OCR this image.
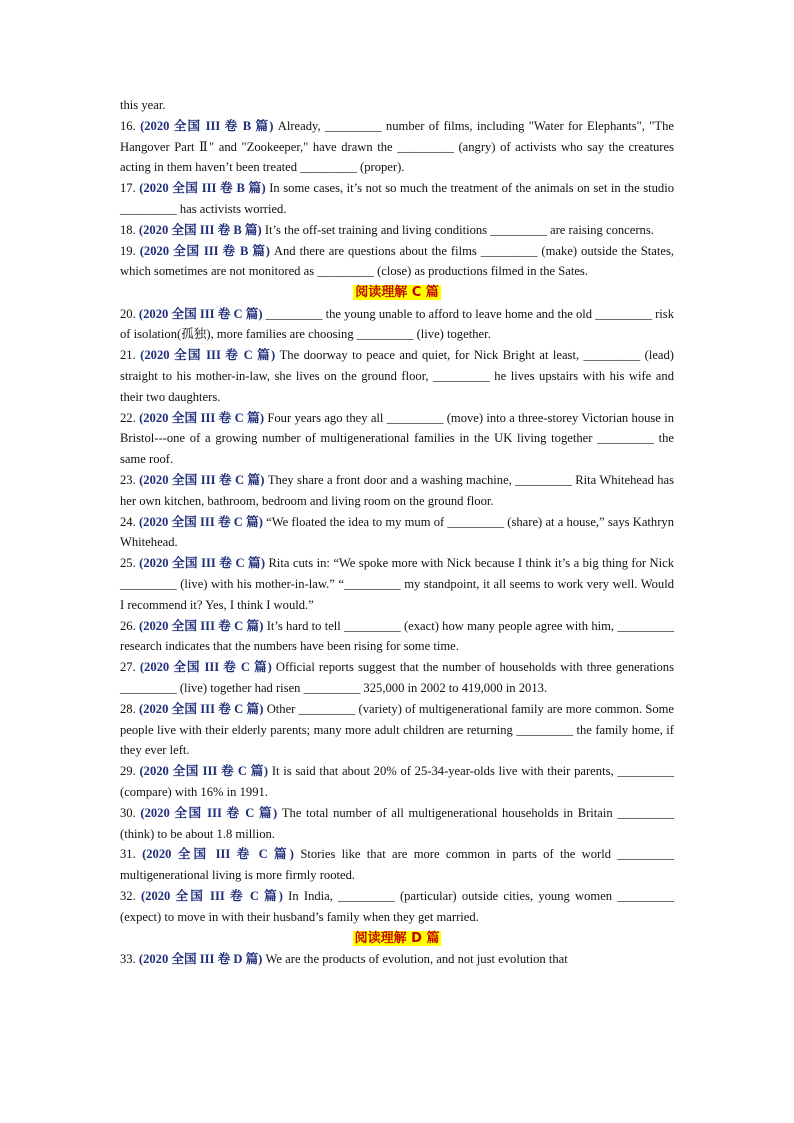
this year.

16. (2020 全国 III 卷 B 篇) Already, _________ number of films, including "Water for Elephants", "The Hangover Part Ⅱ" and "Zookeeper," have drawn the _________ (angry) of activists who say the creatures acting in them haven’t been treated _________ (proper).

17. (2020 全国 III 卷 B 篇) In some cases, it’s not so much the treatment of the animals on set in the studio _________ has activists worried.

18. (2020 全国 III 卷 B 篇) It’s the off-set training and living conditions _________ are raising concerns.

19. (2020 全国 III 卷 B 篇) And there are questions about the films _________ (make) outside the States, which sometimes are not monitored as _________ (close) as productions filmed in the Sates.

阅读理解 C 篇

20. (2020 全国 III 卷 C 篇) _________ the young unable to afford to leave home and the old _________ risk of isolation(孤独), more families are choosing _________ (live) together.

21. (2020 全国 III 卷 C 篇) The doorway to peace and quiet, for Nick Bright at least, _________ (lead) straight to his mother-in-law, she lives on the ground floor, _________ he lives upstairs with his wife and their two daughters.

22. (2020 全国 III 卷 C 篇) Four years ago they all _________ (move) into a three-storey Victorian house in Bristol---one of a growing number of multigenerational families in the UK living together _________ the same roof.

23. (2020 全国 III 卷 C 篇) They share a front door and a washing machine, _________ Rita Whitehead has her own kitchen, bathroom, bedroom and living room on the ground floor.

24. (2020 全国 III 卷 C 篇) “We floated the idea to my mum of _________ (share) at a house,” says Kathryn Whitehead.

25. (2020 全国 III 卷 C 篇) Rita cuts in: “We spoke more with Nick because I think it’s a big thing for Nick _________ (live) with his mother-in-law.” “_________ my standpoint, it all seems to work very well. Would I recommend it? Yes, I think I would.”

26. (2020 全国 III 卷 C 篇) It’s hard to tell _________ (exact) how many people agree with him, _________ research indicates that the numbers have been rising for some time.

27. (2020 全国 III 卷 C 篇) Official reports suggest that the number of households with three generations _________ (live) together had risen _________ 325,000 in 2002 to 419,000 in 2013.

28. (2020 全国 III 卷 C 篇) Other _________ (variety) of multigenerational family are more common. Some people live with their elderly parents; many more adult children are returning _________ the family home, if they ever left.

29. (2020 全国 III 卷 C 篇) It is said that about 20% of 25-34-year-olds live with their parents, _________ (compare) with 16% in 1991.

30. (2020 全国 III 卷 C 篇) The total number of all multigenerational households in Britain _________ (think) to be about 1.8 million.

31. (2020 全国 III 卷 C 篇) Stories like that are more common in parts of the world _________ multigenerational living is more firmly rooted.

32. (2020 全国 III 卷 C 篇) In India, _________ (particular) outside cities, young women _________ (expect) to move in with their husband’s family when they get married.

阅读理解 D 篇

33. (2020 全国 III 卷 D 篇) We are the products of evolution, and not just evolution that
